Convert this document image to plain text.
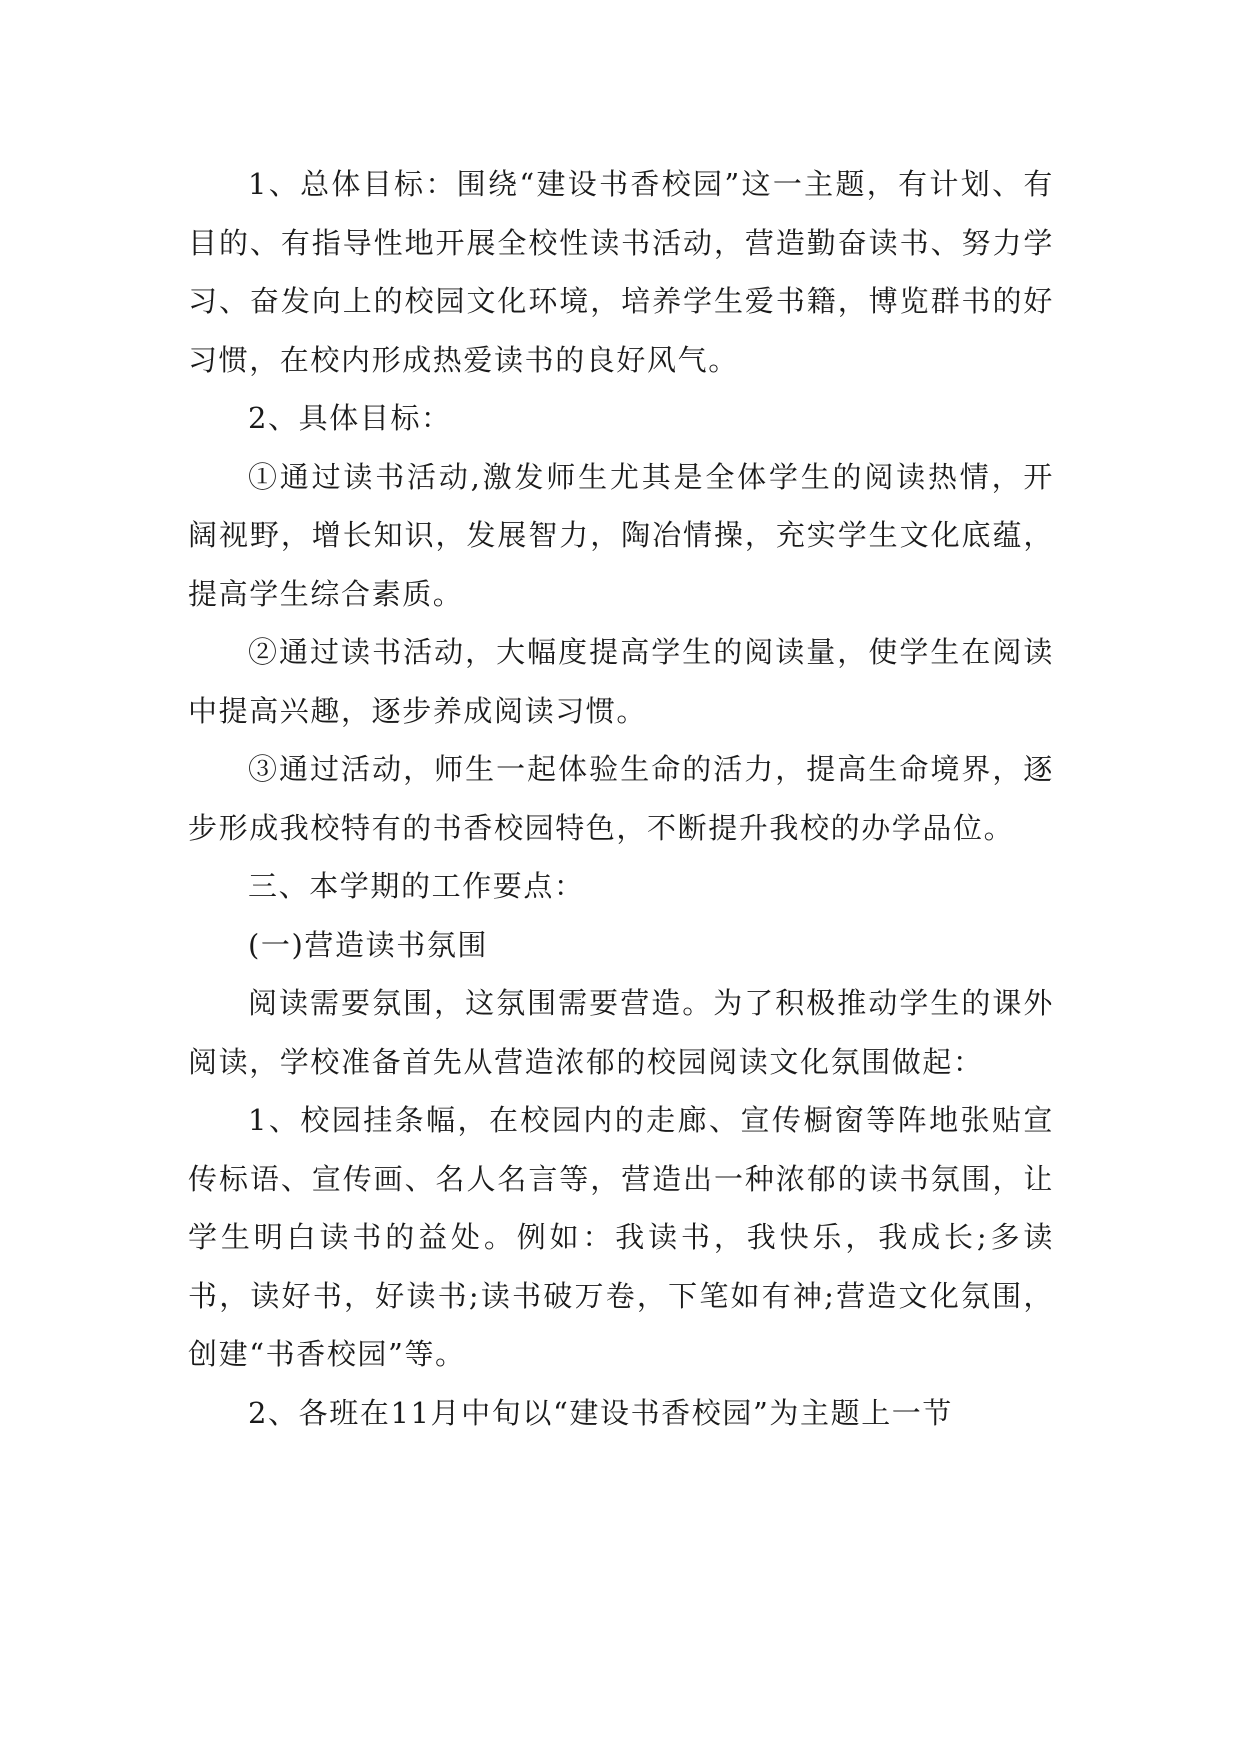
1、总体目标：围绕“建设书香校园”这一主题，有计划、有目的、有指导性地开展全校性读书活动，营造勤奋读书、努力学习、奋发向上的校园文化环境，培养学生爱书籍，博览群书的好习惯，在校内形成热爱读书的良好风气。

2、具体目标：

①通过读书活动,激发师生尤其是全体学生的阅读热情，开阔视野，增长知识，发展智力，陶冶情操，充实学生文化底蕴，提高学生综合素质。

②通过读书活动，大幅度提高学生的阅读量，使学生在阅读中提高兴趣，逐步养成阅读习惯。

③通过活动，师生一起体验生命的活力，提高生命境界，逐步形成我校特有的书香校园特色，不断提升我校的办学品位。

三、本学期的工作要点：

(一)营造读书氛围

阅读需要氛围，这氛围需要营造。为了积极推动学生的课外阅读，学校准备首先从营造浓郁的校园阅读文化氛围做起：

1、校园挂条幅，在校园内的走廊、宣传橱窗等阵地张贴宣传标语、宣传画、名人名言等，营造出一种浓郁的读书氛围，让学生明白读书的益处。例如：我读书，我快乐，我成长;多读书，读好书，好读书;读书破万卷，下笔如有神;营造文化氛围，创建“书香校园”等。

2、各班在11月中旬以“建设书香校园”为主题上一节
